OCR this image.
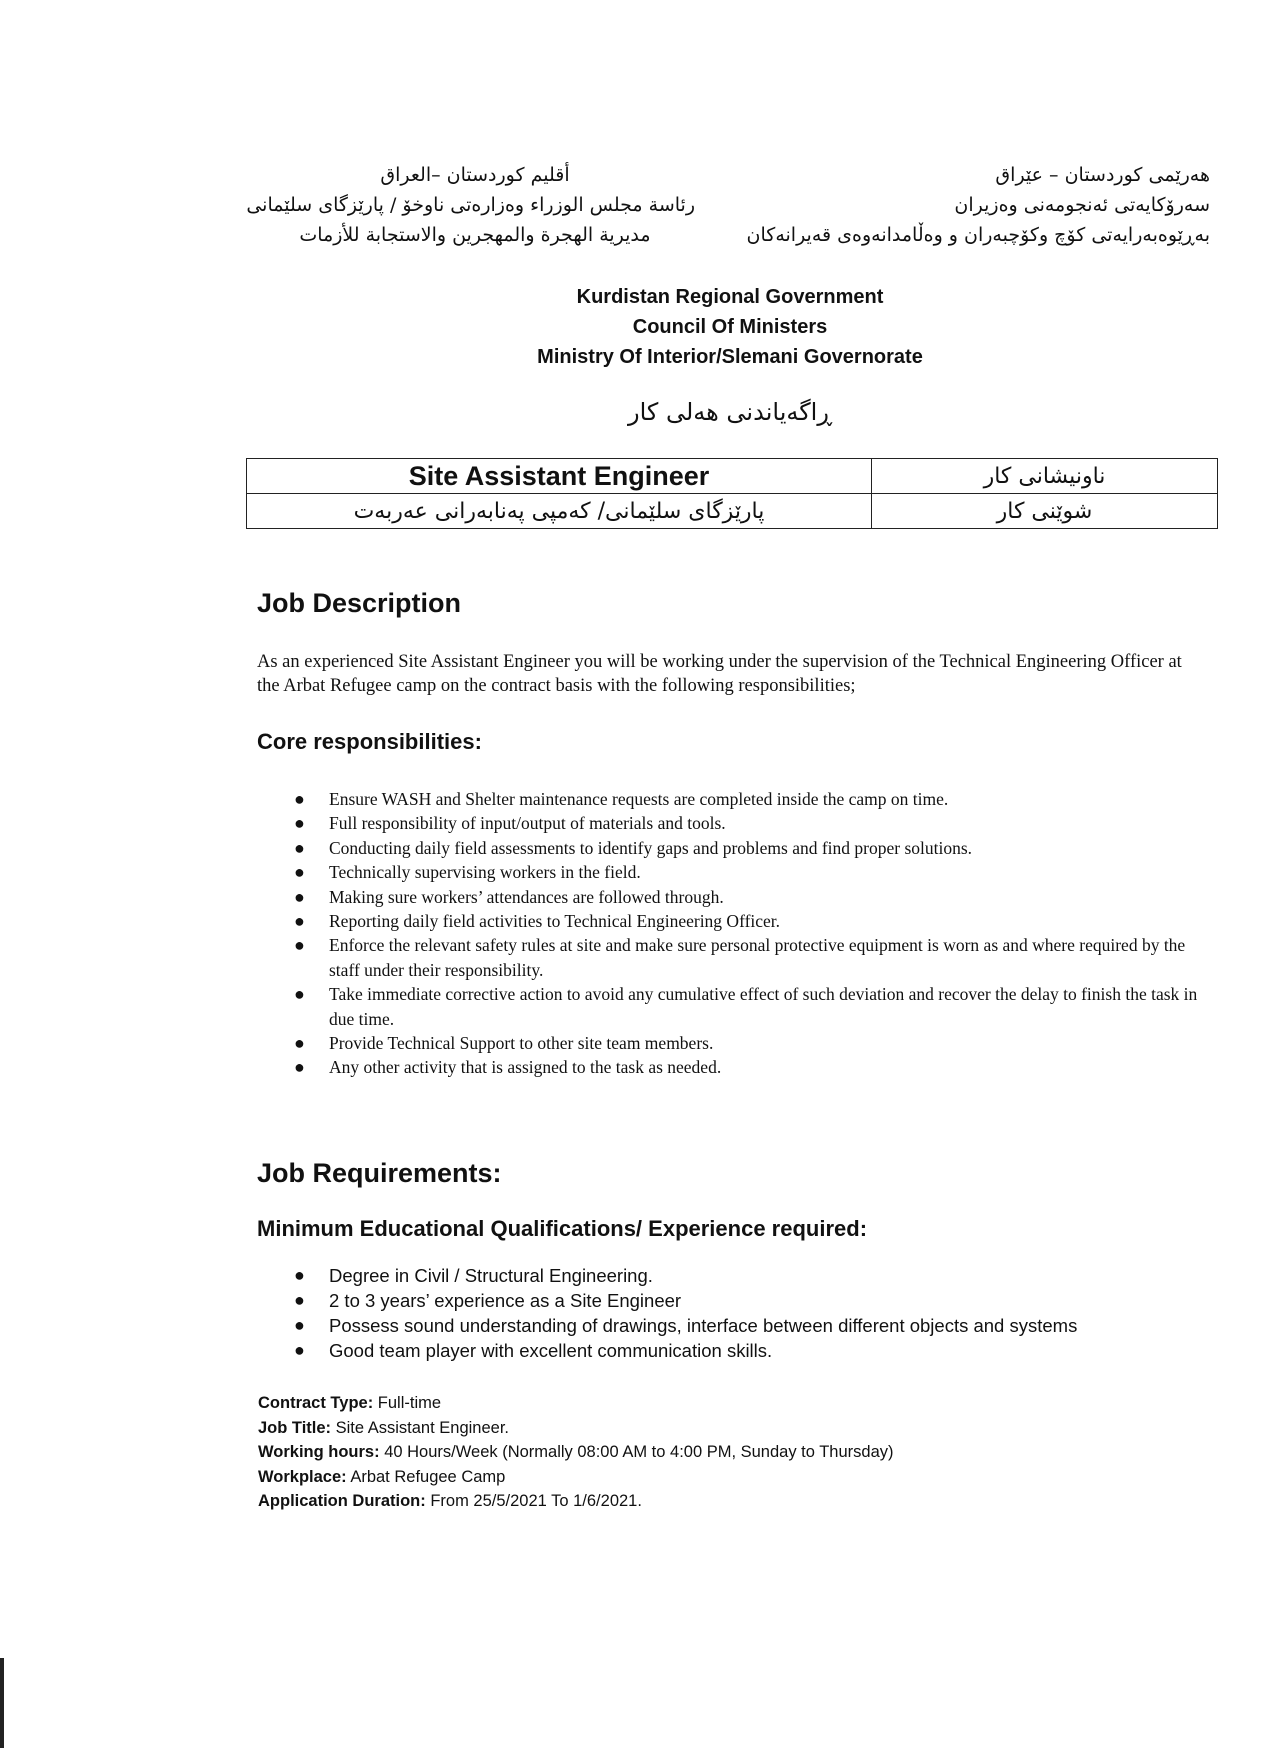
أقليم كوردستان –العراق
رئاسة مجلس الوزراء وەزارەتى ناوخۆ / پارێزگای سلێمانی
مديرية الهجرة والمهجرين والاستجابة للأزمات
هەرێمی کوردستان – عێراق
سەرۆکایەتی ئەنجومەنی وەزیران
بەڕێوەبەرایەتی کۆچ وکۆچبەران و وەڵامدانەوەی قەیرانەکان
Kurdistan Regional Government
Council Of Ministers
Ministry Of Interior/Slemani Governorate
ڕاگەیاندنی هەلی کار
Site Assistant Engineer	ناونیشانی کار
پارێزگای سلێمانی/ کەمپی پەنابەرانی عەربەت	شوێنی کار
Job Description
As an experienced Site Assistant Engineer you will be working under the supervision of the Technical Engineering Officer at the Arbat Refugee camp on the contract basis with the following responsibilities;
Core responsibilities:
● Ensure WASH and Shelter maintenance requests are completed inside the camp on time.
● Full responsibility of input/output of materials and tools.
● Conducting daily field assessments to identify gaps and problems and find proper solutions.
● Technically supervising workers in the field.
● Making sure workers’ attendances are followed through.
● Reporting daily field activities to Technical Engineering Officer.
● Enforce the relevant safety rules at site and make sure personal protective equipment is worn as and where required by the staff under their responsibility.
● Take immediate corrective action to avoid any cumulative effect of such deviation and recover the delay to finish the task in due time.
● Provide Technical Support to other site team members.
● Any other activity that is assigned to the task as needed.
Job Requirements:
Minimum Educational Qualifications/ Experience required:
● Degree in Civil / Structural Engineering.
● 2 to 3 years’ experience as a Site Engineer
● Possess sound understanding of drawings, interface between different objects and systems
● Good team player with excellent communication skills.
Contract Type: Full-time
Job Title: Site Assistant Engineer.
Working hours: 40 Hours/Week (Normally 08:00 AM to 4:00 PM, Sunday to Thursday)
Workplace: Arbat Refugee Camp
Application Duration: From 25/5/2021 To 1/6/2021.
